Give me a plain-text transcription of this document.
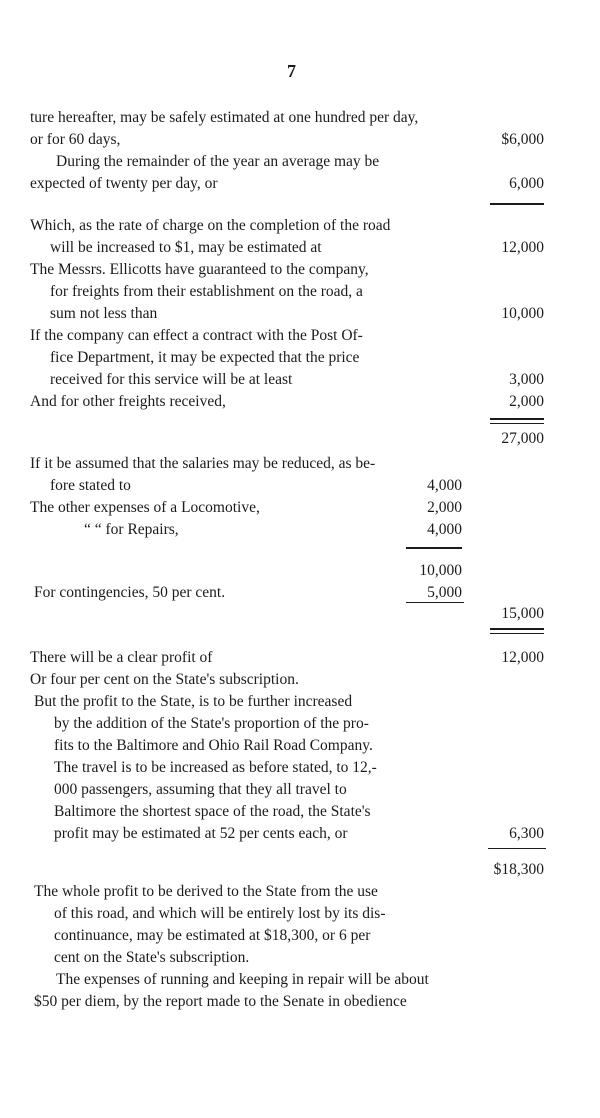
7
ture hereafter, may be safely estimated at one hundred per day,
or for 60 days,	$6,000
During the remainder of the year an average may be
expected of twenty per day, or	6,000
Which, as the rate of charge on the completion of the road
will be increased to $1, may be estimated at	12,000
The Messrs. Ellicotts have guaranteed to the company,
for freights from their establishment on the road, a
sum not less than	10,000
If the company can effect a contract with the Post Of-
fice Department, it may be expected that the price
received for this service will be at least	3,000
And for other freights received,	2,000
27,000
If it be assumed that the salaries may be reduced, as be-
fore stated to	4,000
The other expenses of a Locomotive,	2,000
“ “ for Repairs,	4,000
10,000
For contingencies, 50 per cent.	5,000
15,000
There will be a clear profit of	12,000
Or four per cent on the State's subscription.
But the profit to the State, is to be further increased
by the addition of the State's proportion of the pro-
fits to the Baltimore and Ohio Rail Road Company.
The travel is to be increased as before stated, to 12,-
000 passengers, assuming that they all travel to
Baltimore the shortest space of the road, the State's
profit may be estimated at 52 per cents each, or	6,300
$18,300
The whole profit to be derived to the State from the use
of this road, and which will be entirely lost by its dis-
continuance, may be estimated at $18,300, or 6 per
cent on the State's subscription.
The expenses of running and keeping in repair will be about
$50 per diem, by the report made to the Senate in obedience
